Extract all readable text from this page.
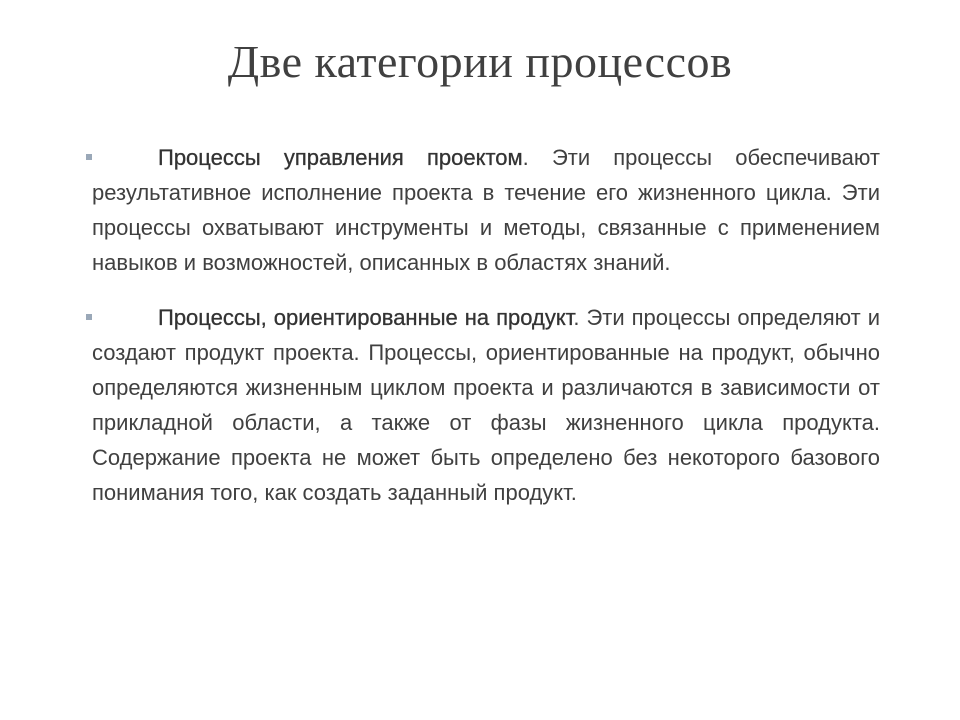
Две категории процессов

Процессы управления проектом. Эти процессы обеспечивают результативное исполнение проекта в течение его жизненного цикла. Эти процессы охватывают инструменты и методы, связанные с применением навыков и возможностей, описанных в областях знаний.

Процессы, ориентированные на продукт. Эти процессы определяют и создают продукт проекта. Процессы, ориентированные на продукт, обычно определяются жизненным циклом проекта и различаются в зависимости от прикладной области, а также от фазы жизненного цикла продукта. Содержание проекта не может быть определено без некоторого базового понимания того, как создать заданный продукт.
